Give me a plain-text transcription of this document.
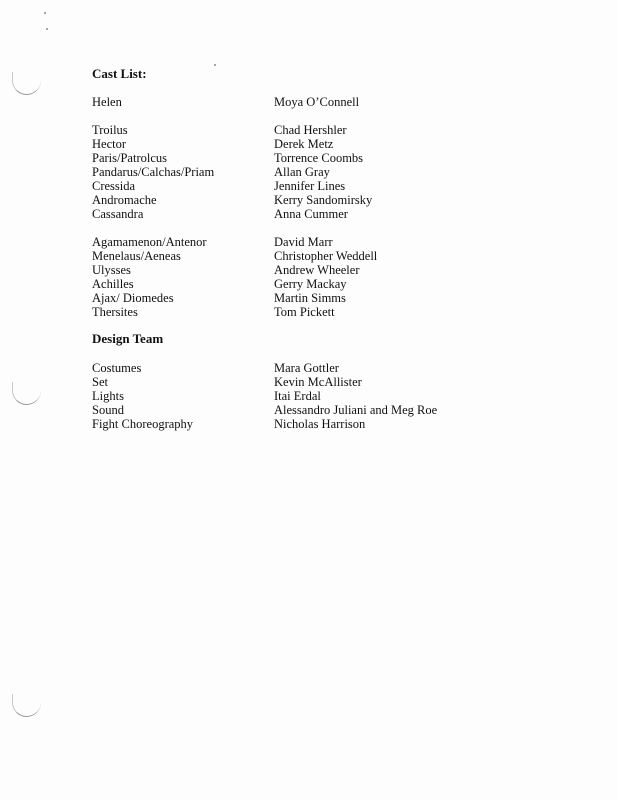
Cast List:
Helen	Moya O’Connell
Troilus
Hector
Paris/Patrolcus
Pandarus/Calchas/Priam
Cressida
Andromache
Cassandra
Chad Hershler
Derek Metz
Torrence Coombs
Allan Gray
Jennifer Lines
Kerry Sandomirsky
Anna Cummer
Agamamenon/Antenor
Menelaus/Aeneas
Ulysses
Achilles
Ajax/ Diomedes
Thersites
David Marr
Christopher Weddell
Andrew Wheeler
Gerry Mackay
Martin Simms
Tom Pickett
Design Team
Costumes
Set
Lights
Sound
Fight Choreography
Mara Gottler
Kevin McAllister
Itai Erdal
Alessandro Juliani and Meg Roe
Nicholas Harrison
